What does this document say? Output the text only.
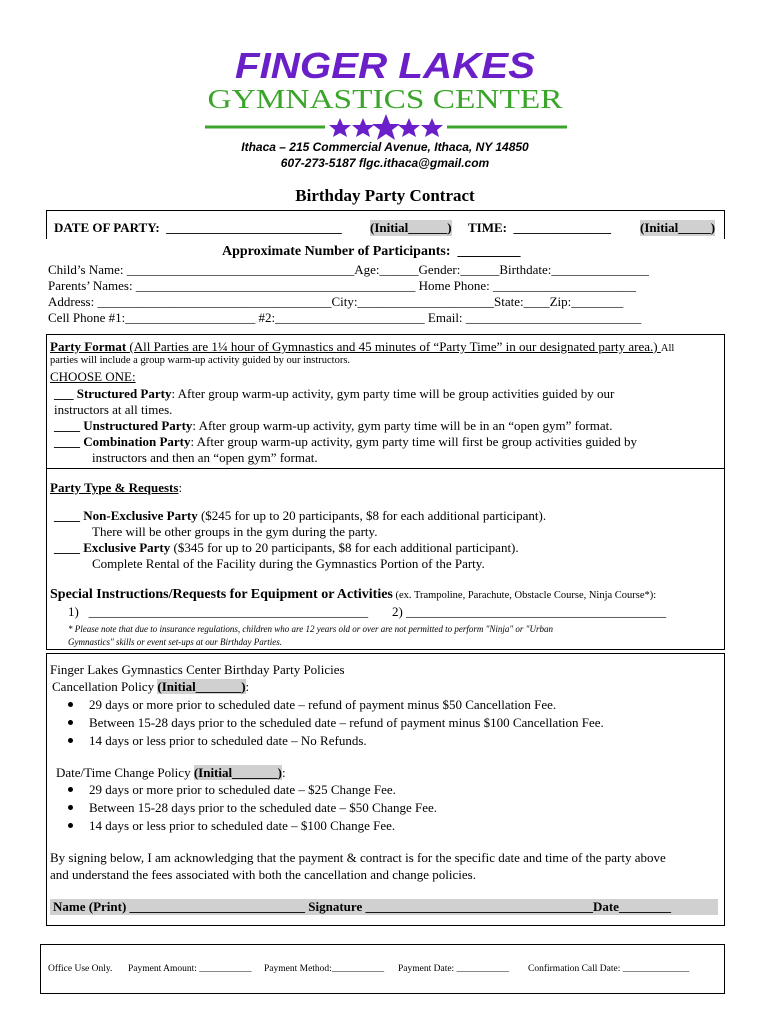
FINGER LAKES
GYMNASTICS CENTER
Ithaca – 215 Commercial Avenue, Ithaca, NY 14850
607-273-5187 flgc.ithaca@gmail.com
Birthday Party Contract
DATE OF PARTY:  ___________________________ (Initial______) TIME:  _______________ (Initial_____)
Approximate Number of Participants:  _________
Child’s Name: ___________________________________Age:______Gender:______Birthdate:_______________
Parents’ Names: ___________________________________________ Home Phone: ______________________
Address: ____________________________________City:_____________________State:____Zip:________
Cell Phone #1:____________________ #2:_______________________ Email: ___________________________
Party Format (All Parties are 1¼ hour of Gymnastics and 45 minutes of “Party Time” in our designated party area.) All
parties will include a group warm-up activity guided by our instructors.
CHOOSE ONE:
___ Structured Party: After group warm-up activity, gym party time will be group activities guided by our
instructors at all times.
____ Unstructured Party: After group warm-up activity, gym party time will be in an “open gym” format.
____ Combination Party: After group warm-up activity, gym party time will first be group activities guided by
instructors and then an “open gym” format.
Party Type & Requests:
____ Non-Exclusive Party ($245 for up to 20 participants, $8 for each additional participant).
There will be other groups in the gym during the party.
____ Exclusive Party ($345 for up to 20 participants, $8 for each additional participant).
Complete Rental of the Facility during the Gymnastics Portion of the Party.
Special Instructions/Requests for Equipment or Activities (ex. Trampoline, Parachute, Obstacle Course, Ninja Course*):
1)   ___________________________________________ 2) ________________________________________
* Please note that due to insurance regulations, children who are 12 years old or over are not permitted to perform "Ninja" or "Urban
Gymnastics" skills or event set-ups at our Birthday Parties.
Finger Lakes Gymnastics Center Birthday Party Policies
Cancellation Policy (Initial_______):
29 days or more prior to scheduled date – refund of payment minus $50 Cancellation Fee.
Between 15-28 days prior to the scheduled date – refund of payment minus $100 Cancellation Fee.
14 days or less prior to scheduled date – No Refunds.
Date/Time Change Policy (Initial_______):
29 days or more prior to scheduled date – $25 Change Fee.
Between 15-28 days prior to the scheduled date – $50 Change Fee.
14 days or less prior to scheduled date – $100 Change Fee.
By signing below, I am acknowledging that the payment & contract is for the specific date and time of the party above
and understand the fees associated with both the cancellation and change policies.
Name (Print) ___________________________ Signature ___________________________________Date________
Office Use Only. Payment Amount: ___________ Payment Method:___________ Payment Date: ___________ Confirmation Call Date: ______________
